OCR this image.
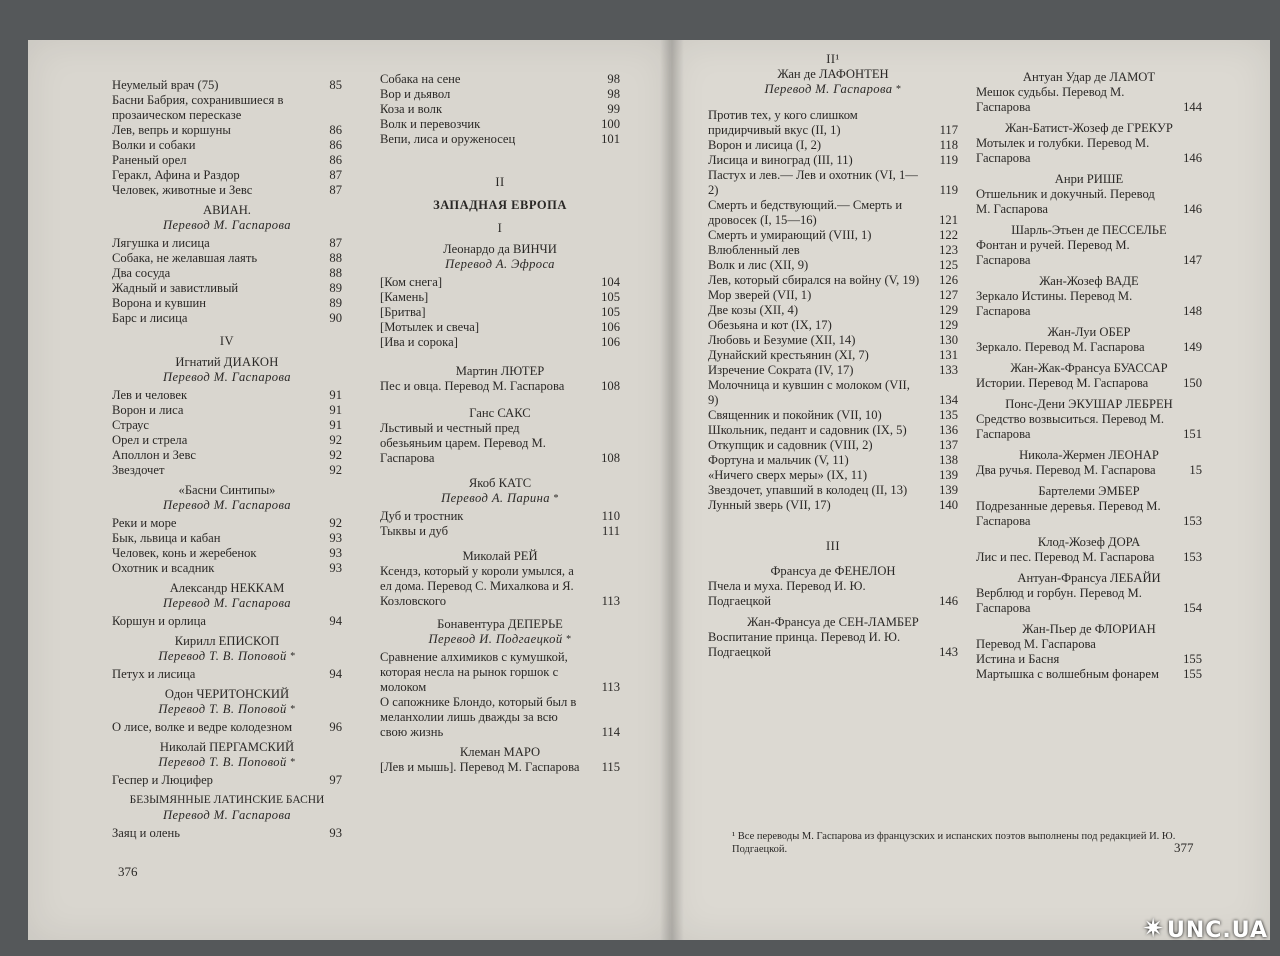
Неумелый врач (75)	85
Басни Бабрия, сохранившиеся в прозаическом пересказе
Лев, вепрь и коршуны	86
Волки и собаки	86
Раненый орел	86
Геракл, Афина и Раздор	87
Человек, животные и Зевс	87
АВИАН.
Перевод М. Гаспарова
Лягушка и лисица	87
Собака, не желавшая лаять	88
Два сосуда	88
Жадный и завистливый	89
Ворона и кувшин	89
Барс и лисица	90
IV
Игнатий ДИАКОН
Перевод М. Гаспарова
Лев и человек	91
Ворон и лиса	91
Страус	91
Орел и стрела	92
Аполлон и Зевс	92
Звездочет	92
«Басни Синтипы»
Перевод М. Гаспарова
Реки и море	92
Бык, львица и кабан	93
Человек, конь и жеребенок	93
Охотник и всадник	93
Александр НЕККАМ
Перевод М. Гаспарова
Коршун и орлица	94
Кирилл ЕПИСКОП
Перевод Т. В. Поповой *
Петух и лисица	94
Одон ЧЕРИТОНСКИЙ
Перевод Т. В. Поповой *
О лисе, волке и ведре колодезном	96
Николай ПЕРГАМСКИЙ
Перевод Т. В. Поповой *
Геспер и Люцифер	97
БЕЗЫМЯННЫЕ ЛАТИНСКИЕ БАСНИ
Перевод М. Гаспарова
Заяц и олень	93
Собака на сене	98
Вор и дьявол	98
Коза и волк	99
Волк и перевозчик	100
Вепи, лиса и оруженосец	101
II
ЗАПАДНАЯ ЕВРОПА
I
Леонардо да ВИНЧИ
Перевод А. Эфроса
[Ком снега]	104
[Камень]	105
[Бритва]	105
[Мотылек и свеча]	106
[Ива и сорока]	106
Мартин ЛЮТЕР
Пес и овца. Перевод М. Гаспарова	108
Ганс САКС
Льстивый и честный пред обезьяньим царем. Перевод М. Гаспарова	108
Якоб КАТС
Перевод А. Парина *
Дуб и тростник	110
Тыквы и дуб	111
Миколай РЕЙ
Ксендз, который у короли умылся, а ел дома. Перевод С. Михалкова и Я. Козловского	113
Бонавентура ДЕПЕРЬЕ
Перевод И. Подгаецкой *
Сравнение алхимиков с кумушкой, которая несла на рынок горшок с молоком	113
О сапожнике Блондо, который был в меланхолии лишь дважды за всю свою жизнь	114
Клеман МАРО
[Лев и мышь]. Перевод М. Гаспарова	115
376
II¹
Жан де ЛАФОНТЕН
Перевод М. Гаспарова *
Против тех, у кого слишком придирчивый вкус (II, 1)	117
Ворон и лисица (I, 2)	118
Лисица и виноград (III, 11)	119
Пастух и лев.— Лев и охотник (VI, 1—2)	119
Смерть и бедствующий.— Смерть и дровосек (I, 15—16)	121
Смерть и умирающий (VIII, 1)	122
Влюбленный лев	123
Волк и лис (XII, 9)	125
Лев, который сбирался на войну (V, 19)	126
Мор зверей (VII, 1)	127
Две козы (XII, 4)	129
Обезьяна и кот (IX, 17)	129
Любовь и Безумие (XII, 14)	130
Дунайский крестьянин (XI, 7)	131
Изречение Сократа (IV, 17)	133
Молочница и кувшин с молоком (VII, 9)	134
Священник и покойник (VII, 10)	135
Школьник, педант и садовник (IX, 5)	136
Откупщик и садовник (VIII, 2)	137
Фортуна и мальчик (V, 11)	138
«Ничего сверх меры» (IX, 11)	139
Звездочет, упавший в колодец (II, 13)	139
Лунный зверь (VII, 17)	140
III
Франсуа де ФЕНЕЛОН
Пчела и муха. Перевод И. Ю. Подгаецкой	146
Жан-Франсуа де СЕН-ЛАМБЕР
Воспитание принца. Перевод И. Ю. Подгаецкой	143
Антуан Удар де ЛАМОТ
Мешок судьбы. Перевод М. Гаспарова	144
Жан-Батист-Жозеф де ГРЕКУР
Мотылек и голубки. Перевод М. Гаспарова	146
Анри РИШЕ
Отшельник и докучный. Перевод М. Гаспарова	146
Шарль-Этьен де ПЕССЕЛЬЕ
Фонтан и ручей. Перевод М. Гаспарова	147
Жан-Жозеф ВАДЕ
Зеркало Истины. Перевод М. Гаспарова	148
Жан-Луи ОБЕР
Зеркало. Перевод М. Гаспарова	149
Жан-Жак-Франсуа БУАССАР
Истории. Перевод М. Гаспарова	150
Понс-Дени ЭКУШАР ЛЕБРЕН
Средство возвыситься. Перевод М. Гаспарова	151
Никола-Жермен ЛЕОНАР
Два ручья. Перевод М. Гаспарова	15
Бартелеми ЭМБЕР
Подрезанные деревья. Перевод М. Гаспарова	153
Клод-Жозеф ДОРА
Лис и пес. Перевод М. Гаспарова	153
Антуан-Франсуа ЛЕБАЙИ
Верблюд и горбун. Перевод М. Гаспарова	154
Жан-Пьер де ФЛОРИАН
Перевод М. Гаспарова
Истина и Басня	155
Мартышка с волшебным фонарем	155
¹ Все переводы М. Гаспарова из французских и испанских поэтов выполнены под редакцией И. Ю. Подгаецкой.	377
✷UNC.UA
